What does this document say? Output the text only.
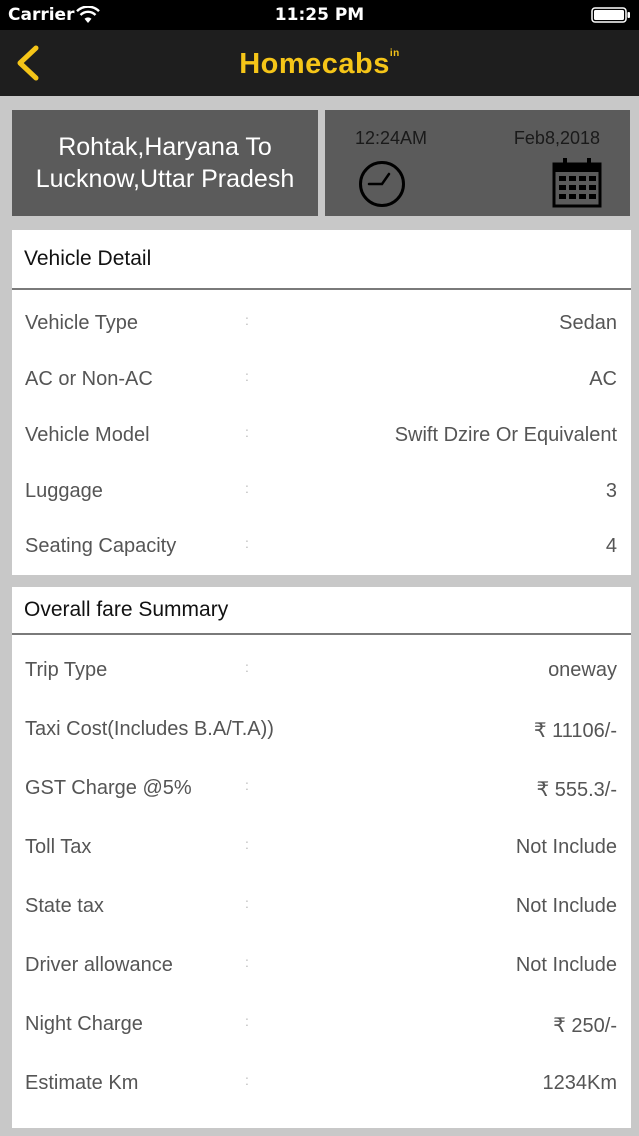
Carrier	11:25 PM
Homecabs$^{in}$
Rohtak,Haryana To
Lucknow,Uttar Pradesh
12:24AM	Feb8,2018
Vehicle Detail
Vehicle Type	:	Sedan
AC or Non-AC	:	AC
Vehicle Model	:	Swift Dzire Or Equivalent
Luggage	:	3
Seating Capacity	:	4
Overall fare Summary
Trip Type	:	oneway
Taxi Cost(Includes B.A/T.A))	₹ 11106/-
GST Charge @5%	:	₹ 555.3/-
Toll Tax	:	Not Include
State tax	:	Not Include
Driver allowance	:	Not Include
Night Charge	:	₹ 250/-
Estimate Km	:	1234Km
